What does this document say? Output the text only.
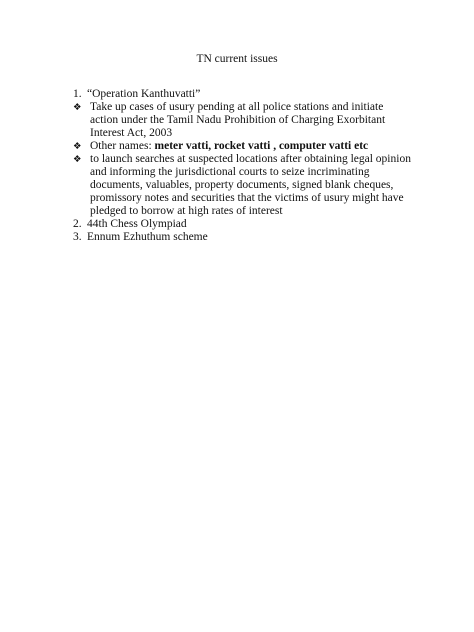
TN current issues
1. “Operation Kanthuvatti”
❖ Take up cases of usury pending at all police stations and initiate action under the Tamil Nadu Prohibition of Charging Exorbitant Interest Act, 2003
❖ Other names: meter vatti, rocket vatti , computer vatti etc
❖ to launch searches at suspected locations after obtaining legal opinion and informing the jurisdictional courts to seize incriminating documents, valuables, property documents, signed blank cheques, promissory notes and securities that the victims of usury might have pledged to borrow at high rates of interest
2. 44th Chess Olympiad
3. Ennum Ezhuthum scheme
